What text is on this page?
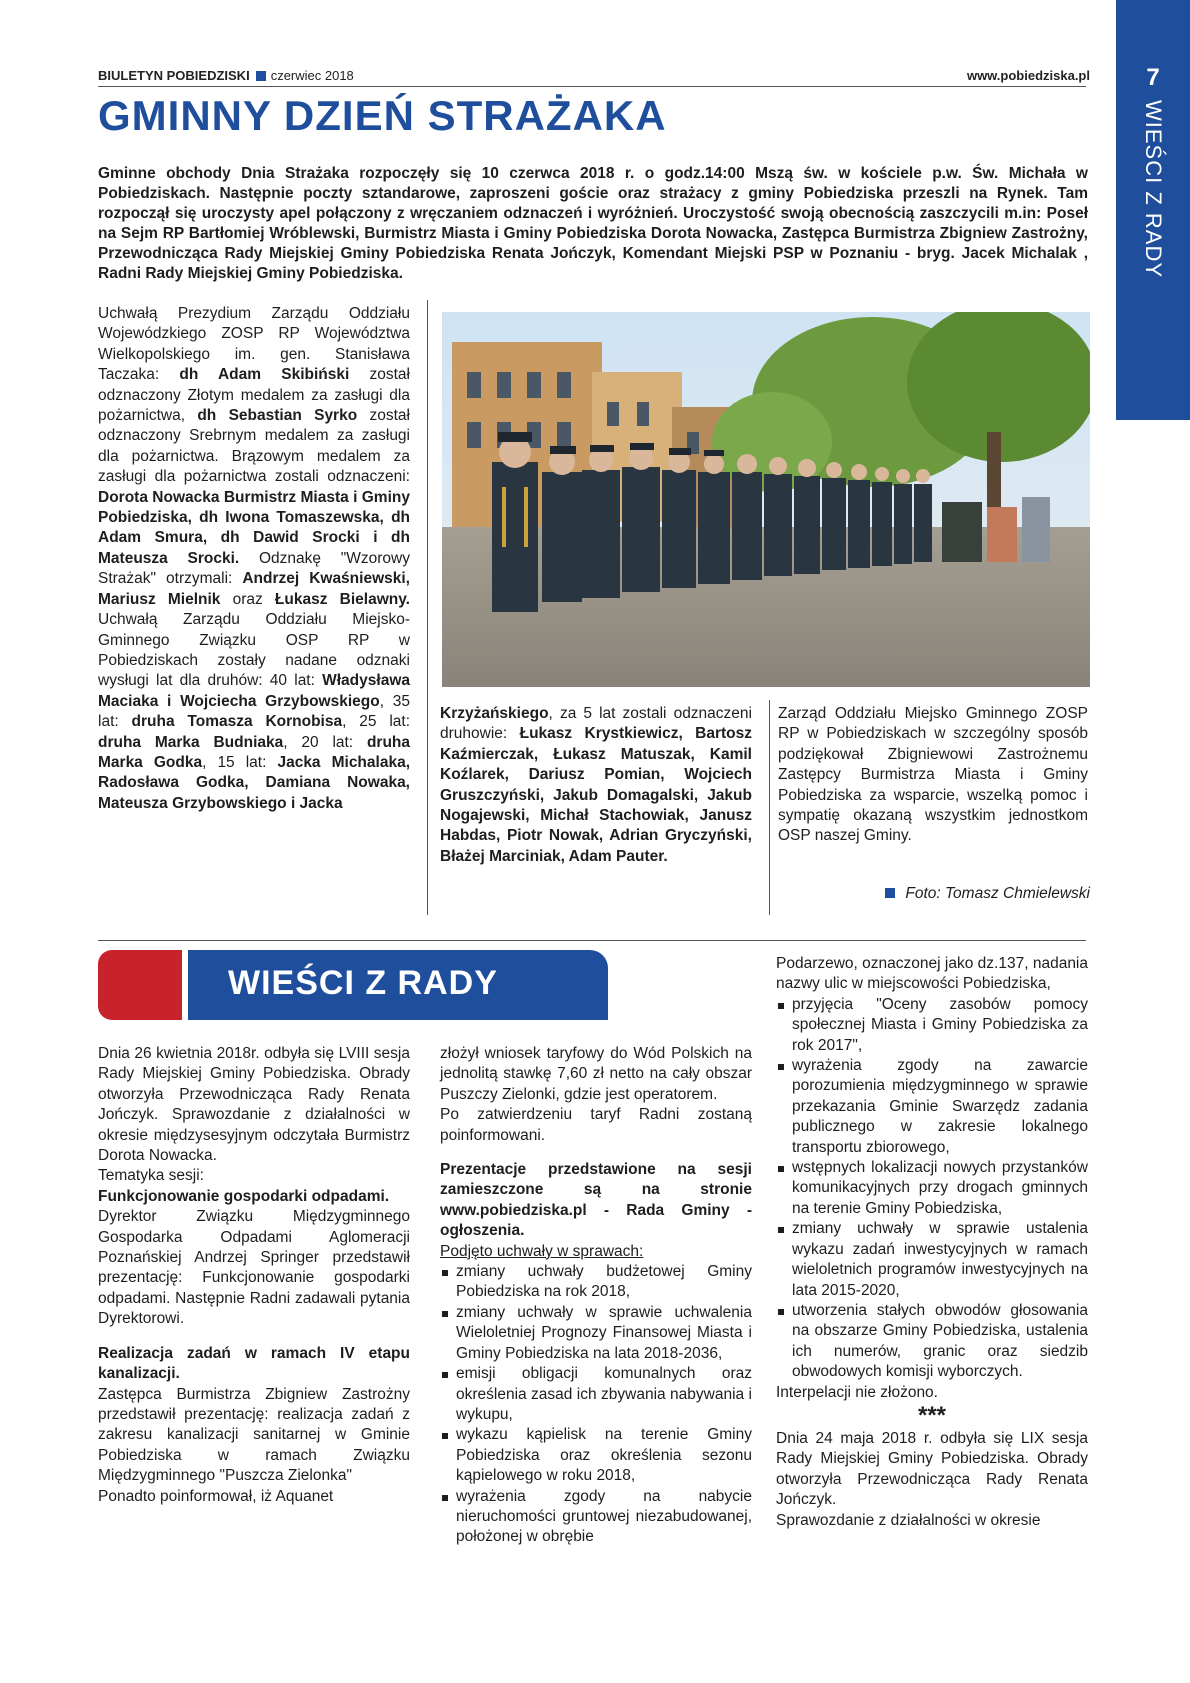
BIULETYN POBIEDZISKI czerwiec 2018	www.pobiedziska.pl	7
WIEŚCI Z RADY
GMINNY DZIEŃ STRAŻAKA

Gminne obchody Dnia Strażaka rozpoczęły się 10 czerwca 2018 r. o godz.14:00 Mszą św. w kościele p.w. Św. Michała w Pobiedziskach. Następnie poczty sztandarowe, zaproszeni goście oraz strażacy z gminy Pobiedziska przeszli na Rynek. Tam rozpoczął się uroczysty apel połączony z wręczaniem odznaczeń i wyróżnień. Uroczystość swoją obecnością zaszczycili m.in: Poseł na Sejm RP Bartłomiej Wróblewski, Burmistrz Miasta i Gminy Pobiedziska Dorota Nowacka, Zastępca Burmistrza Zbigniew Zastrożny, Przewodnicząca Rady Miejskiej Gminy Pobiedziska Renata Jończyk, Komendant Miejski PSP w Poznaniu - bryg. Jacek Michalak , Radni Rady Miejskiej Gminy Pobiedziska.

Uchwałą Prezydium Zarządu Oddziału Wojewódzkiego ZOSP RP Województwa Wielkopolskiego im. gen. Stanisława Taczaka: dh Adam Skibiński został odznaczony Złotym medalem za zasługi dla pożarnictwa, dh Sebastian Syrko został odznaczony Srebrnym medalem za zasługi dla pożarnictwa. Brązowym medalem za zasługi dla pożarnictwa zostali odznaczeni: Dorota Nowacka Burmistrz Miasta i Gminy Pobiedziska, dh Iwona Tomaszewska, dh Adam Smura, dh Dawid Srocki i dh Mateusza Srocki. Odznakę "Wzorowy Strażak" otrzymali: Andrzej Kwaśniewski, Mariusz Mielnik oraz Łukasz Bielawny. Uchwałą Zarządu Oddziału Miejsko-Gminnego Związku OSP RP w Pobiedziskach zostały nadane odznaki wysługi lat dla druhów: 40 lat: Władysława Maciaka i Wojciecha Grzybowskiego, 35 lat: druha Tomasza Kornobisa, 25 lat: druha Marka Budniaka, 20 lat: druha Marka Godka, 15 lat: Jacka Michalaka, Radosława Godka, Damiana Nowaka, Mateusza Grzybowskiego i Jacka
Krzyżańskiego, za 5 lat zostali odznaczeni druhowie: Łukasz Krystkiewicz, Bartosz Kaźmierczak, Łukasz Matuszak, Kamil Koźlarek, Dariusz Pomian, Wojciech Gruszczyński, Jakub Domagalski, Jakub Nogajewski, Michał Stachowiak, Janusz Habdas, Piotr Nowak, Adrian Gryczyński, Błażej Marciniak, Adam Pauter.
Zarząd Oddziału Miejsko Gminnego ZOSP RP w Pobiedziskach w szczególny sposób podziękował Zbigniewowi Zastrożnemu Zastępcy Burmistrza Miasta i Gminy Pobiedziska za wsparcie, wszelką pomoc i sympatię okazaną wszystkim jednostkom OSP naszej Gminy.
Foto: Tomasz Chmielewski
WIEŚCI Z RADY

Dnia 26 kwietnia 2018r. odbyła się LVIII sesja Rady Miejskiej Gminy Pobiedziska. Obrady otworzyła Przewodnicząca Rady Renata Jończyk. Sprawozdanie z działalności w okresie międzysesyjnym odczytała Burmistrz Dorota Nowacka.

Tematyka sesji:

Funkcjonowanie gospodarki odpadami.

Dyrektor Związku Międzygminnego Gospodarka Odpadami Aglomeracji Poznańskiej Andrzej Springer przedstawił prezentację: Funkcjonowanie gospodarki odpadami. Następnie Radni zadawali pytania Dyrektorowi.

Realizacja zadań w ramach IV etapu kanalizacji.

Zastępca Burmistrza Zbigniew Zastrożny przedstawił prezentację: realizacja zadań z zakresu kanalizacji sanitarnej w Gminie Pobiedziska w ramach Związku Międzygminnego "Puszcza Zielonka"

Ponadto poinformował, iż Aquanet

złożył wniosek taryfowy do Wód Polskich na jednolitą stawkę 7,60 zł netto na cały obszar Puszczy Zielonki, gdzie jest operatorem.

Po zatwierdzeniu taryf Radni zostaną poinformowani.

Prezentacje przedstawione na sesji zamieszczone są na stronie www.pobiedziska.pl - Rada Gminy - ogłoszenia.

Podjęto uchwały w sprawach:

zmiany uchwały budżetowej Gminy Pobiedziska na rok 2018,
zmiany uchwały w sprawie uchwalenia Wieloletniej Prognozy Finansowej Miasta i Gminy Pobiedziska na lata 2018-2036,
emisji obligacji komunalnych oraz określenia zasad ich zbywania nabywania i wykupu,
wykazu kąpielisk na terenie Gminy Pobiedziska oraz określenia sezonu kąpielowego w roku 2018,
wyrażenia zgody na nabycie nieruchomości gruntowej niezabudowanej, położonej w obrębie

Podarzewo, oznaczonej jako dz.137, nadania nazwy ulic w miejscowości Pobiedziska,

przyjęcia "Oceny zasobów pomocy społecznej Miasta i Gminy Pobiedziska za rok 2017",
wyrażenia zgody na zawarcie porozumienia międzygminnego w sprawie przekazania Gminie Swarzędz zadania publicznego w zakresie lokalnego transportu zbiorowego,
wstępnych lokalizacji nowych przystanków komunikacyjnych przy drogach gminnych na terenie Gminy Pobiedziska,
zmiany uchwały w sprawie ustalenia wykazu zadań inwestycyjnych w ramach wieloletnich programów inwestycyjnych na lata 2015-2020,
utworzenia stałych obwodów głosowania na obszarze Gminy Pobiedziska, ustalenia ich numerów, granic oraz siedzib obwodowych komisji wyborczych.

Interpelacji nie złożono.

***

Dnia 24 maja 2018 r. odbyła się LIX sesja Rady Miejskiej Gminy Pobiedziska. Obrady otworzyła Przewodnicząca Rady Renata Jończyk.

Sprawozdanie z działalności w okresie
